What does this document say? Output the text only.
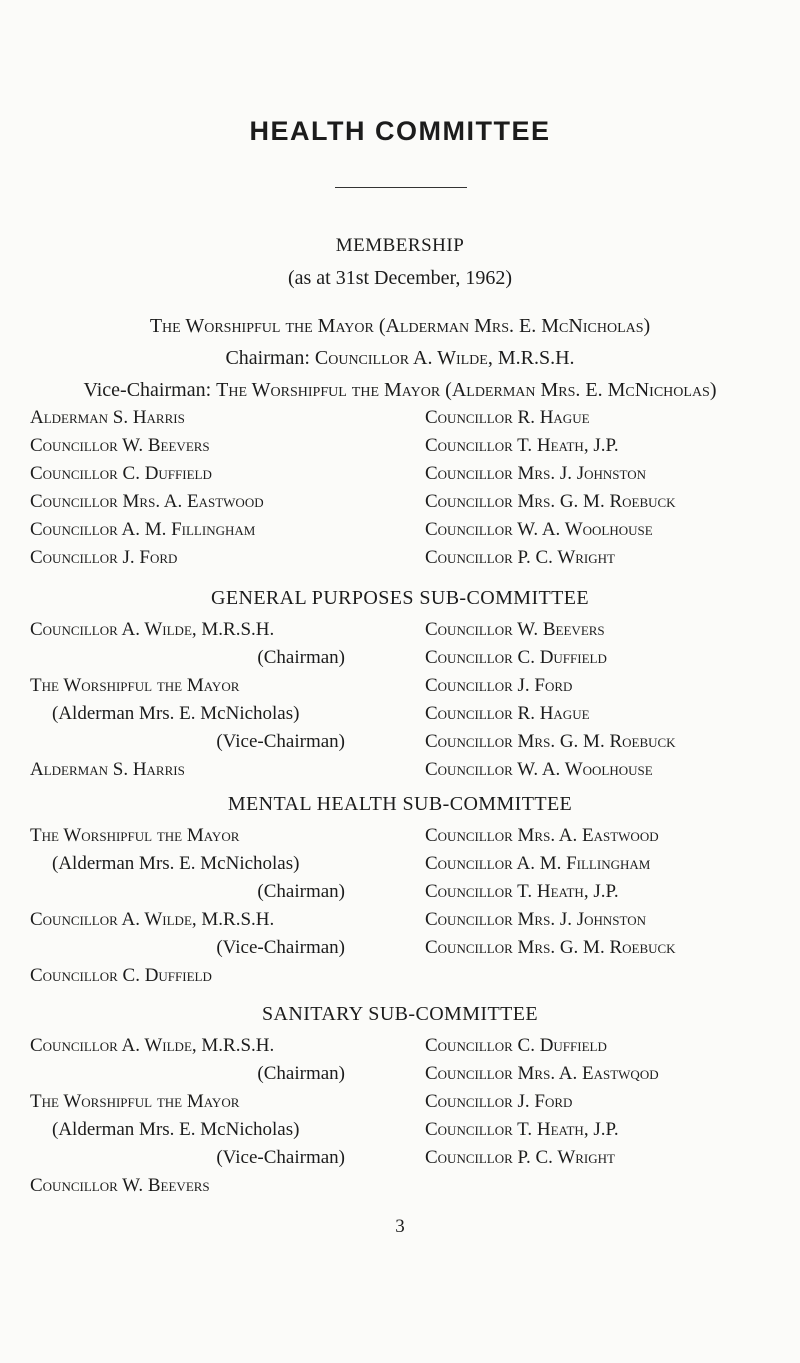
HEALTH COMMITTEE
MEMBERSHIP
(as at 31st December, 1962)
The Worshipful the Mayor (Alderman Mrs. E. McNicholas)
Chairman: Councillor A. Wilde, M.R.S.H.
Vice-Chairman: The Worshipful the Mayor (Alderman Mrs. E. McNicholas)
Alderman S. Harris
Councillor W. Beevers
Councillor C. Duffield
Councillor Mrs. A. Eastwood
Councillor A. M. Fillingham
Councillor J. Ford
Councillor R. Hague
Councillor T. Heath, J.P.
Councillor Mrs. J. Johnston
Councillor Mrs. G. M. Roebuck
Councillor W. A. Woolhouse
Councillor P. C. Wright
GENERAL PURPOSES SUB-COMMITTEE
Councillor A. Wilde, M.R.S.H.
(Chairman)
The Worshipful the Mayor
(Alderman Mrs. E. McNicholas)
(Vice-Chairman)
Alderman S. Harris
Councillor W. Beevers
Councillor C. Duffield
Councillor J. Ford
Councillor R. Hague
Councillor Mrs. G. M. Roebuck
Councillor W. A. Woolhouse
MENTAL HEALTH SUB-COMMITTEE
The Worshipful the Mayor
(Alderman Mrs. E. McNicholas)
(Chairman)
Councillor A. Wilde, M.R.S.H.
(Vice-Chairman)
Councillor C. Duffield
Councillor Mrs. A. Eastwood
Councillor A. M. Fillingham
Councillor T. Heath, J.P.
Councillor Mrs. J. Johnston
Councillor Mrs. G. M. Roebuck
SANITARY SUB-COMMITTEE
Councillor A. Wilde, M.R.S.H.
(Chairman)
The Worshipful the Mayor
(Alderman Mrs. E. McNicholas)
(Vice-Chairman)
Councillor W. Beevers
Councillor C. Duffield
Councillor Mrs. A. Eastwqod
Councillor J. Ford
Councillor T. Heath, J.P.
Councillor P. C. Wright
3
